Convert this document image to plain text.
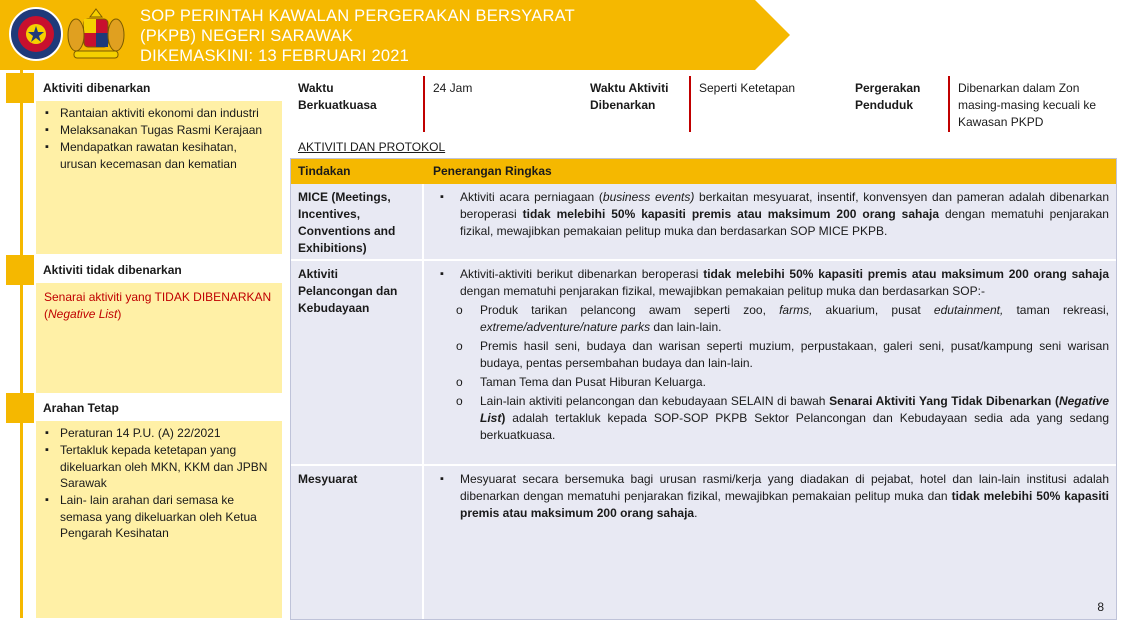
SOP PERINTAH KAWALAN PERGERAKAN BERSYARAT
(PKPB) NEGERI SARAWAK
DIKEMASKINI: 13 FEBRUARI 2021
Aktiviti dibenarkan
▪ Rantaian aktiviti ekonomi dan industri
▪ Melaksanakan Tugas Rasmi Kerajaan
▪ Mendapatkan rawatan kesihatan, urusan kecemasan dan kematian
Aktiviti tidak dibenarkan
Senarai aktiviti yang TIDAK DIBENARKAN (Negative List)
Arahan Tetap
▪ Peraturan 14 P.U. (A) 22/2021
▪ Tertakluk kepada ketetapan yang dikeluarkan oleh MKN, KKM dan JPBN Sarawak
▪ Lain- lain arahan dari semasa ke semasa yang dikeluarkan oleh Ketua Pengarah Kesihatan
Waktu
Berkuatkuasa
24 Jam	Waktu Aktiviti
Dibenarkan
Seperti Ketetapan	Pergerakan
Penduduk
Dibenarkan dalam Zon
masing-masing kecuali ke
Kawasan PKPD
AKTIVITI DAN PROTOKOL
Tindakan	Penerangan Ringkas
MICE (Meetings, Incentives, Conventions and Exhibitions)
▪ Aktiviti acara perniagaan (business events) berkaitan mesyuarat, insentif, konvensyen dan pameran adalah dibenarkan beroperasi tidak melebihi 50% kapasiti premis atau maksimum 200 orang sahaja dengan mematuhi penjarakan fizikal, mewajibkan pemakaian pelitup muka dan berdasarkan SOP MICE PKPB.
Aktiviti Pelancongan dan Kebudayaan
▪ Aktiviti-aktiviti berikut dibenarkan beroperasi tidak melebihi 50% kapasiti premis atau maksimum 200 orang sahaja dengan mematuhi penjarakan fizikal, mewajibkan pemakaian pelitup muka dan berdasarkan SOP:-
o Produk tarikan pelancong awam seperti zoo, farms, akuarium, pusat edutainment, taman rekreasi, extreme/adventure/nature parks dan lain-lain.
o Premis hasil seni, budaya dan warisan seperti muzium, perpustakaan, galeri seni, pusat/kampung seni warisan budaya, pentas persembahan budaya dan lain-lain.
o Taman Tema dan Pusat Hiburan Keluarga.
o Lain-lain aktiviti pelancongan dan kebudayaan SELAIN di bawah Senarai Aktiviti Yang Tidak Dibenarkan (Negative List) adalah tertakluk kepada SOP-SOP PKPB Sektor Pelancongan dan Kebudayaan sedia ada yang sedang berkuatkuasa.
Mesyuarat
▪	Mesyuarat secara bersemuka bagi urusan rasmi/kerja yang diadakan di pejabat, hotel dan lain-lain institusi adalah dibenarkan dengan mematuhi penjarakan fizikal, mewajibkan pemakaian pelitup muka dan tidak melebihi 50% kapasiti premis atau maksimum 200 orang sahaja.
8
